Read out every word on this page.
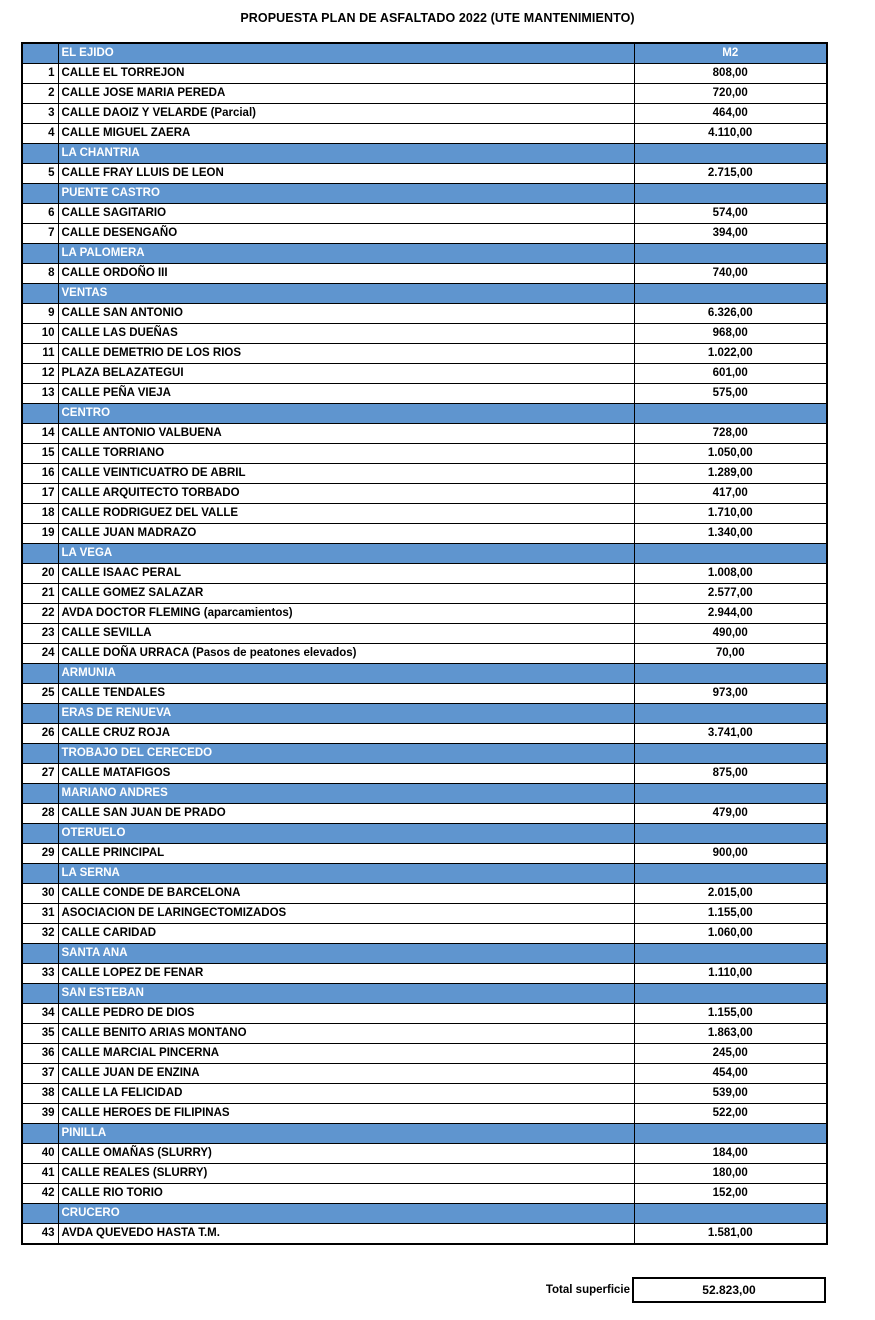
PROPUESTA PLAN DE ASFALTADO 2022 (UTE MANTENIMIENTO)
	EL EJIDO	M2
1	CALLE EL TORREJON	808,00
2	CALLE JOSE MARIA PEREDA	720,00
3	CALLE DAOIZ Y VELARDE (Parcial)	464,00
4	CALLE MIGUEL ZAERA	4.110,00
	LA CHANTRIA	
5	CALLE FRAY LLUIS DE LEON	2.715,00
	PUENTE CASTRO	
6	CALLE SAGITARIO	574,00
7	CALLE DESENGAÑO	394,00
	LA PALOMERA	
8	CALLE ORDOÑO III	740,00
	VENTAS	
9	CALLE SAN ANTONIO	6.326,00
10	CALLE LAS DUEÑAS	968,00
11	CALLE DEMETRIO DE LOS RIOS	1.022,00
12	PLAZA BELAZATEGUI	601,00
13	CALLE PEÑA VIEJA	575,00
	CENTRO	
14	CALLE ANTONIO VALBUENA	728,00
15	CALLE TORRIANO	1.050,00
16	CALLE VEINTICUATRO DE ABRIL	1.289,00
17	CALLE ARQUITECTO TORBADO	417,00
18	CALLE RODRIGUEZ DEL VALLE	1.710,00
19	CALLE JUAN MADRAZO	1.340,00
	LA VEGA	
20	CALLE ISAAC PERAL	1.008,00
21	CALLE GOMEZ SALAZAR	2.577,00
22	AVDA DOCTOR FLEMING (aparcamientos)	2.944,00
23	CALLE SEVILLA	490,00
24	CALLE DOÑA URRACA (Pasos de peatones elevados)	70,00
	ARMUNIA	
25	CALLE TENDALES	973,00
	ERAS DE RENUEVA	
26	CALLE CRUZ ROJA	3.741,00
	TROBAJO DEL CERECEDO	
27	CALLE MATAFIGOS	875,00
	MARIANO ANDRES	
28	CALLE SAN JUAN DE PRADO	479,00
	OTERUELO	
29	CALLE PRINCIPAL	900,00
	LA SERNA	
30	CALLE CONDE DE BARCELONA	2.015,00
31	ASOCIACION DE LARINGECTOMIZADOS	1.155,00
32	CALLE CARIDAD	1.060,00
	SANTA ANA	
33	CALLE LOPEZ DE FENAR	1.110,00
	SAN ESTEBAN	
34	CALLE PEDRO DE DIOS	1.155,00
35	CALLE BENITO ARIAS MONTANO	1.863,00
36	CALLE MARCIAL PINCERNA	245,00
37	CALLE JUAN DE ENZINA	454,00
38	CALLE LA FELICIDAD	539,00
39	CALLE HEROES DE FILIPINAS	522,00
	PINILLA	
40	CALLE OMAÑAS (SLURRY)	184,00
41	CALLE REALES (SLURRY)	180,00
42	CALLE RIO TORIO	152,00
	CRUCERO	
43	AVDA QUEVEDO HASTA T.M.	1.581,00
Total superficie	52.823,00
